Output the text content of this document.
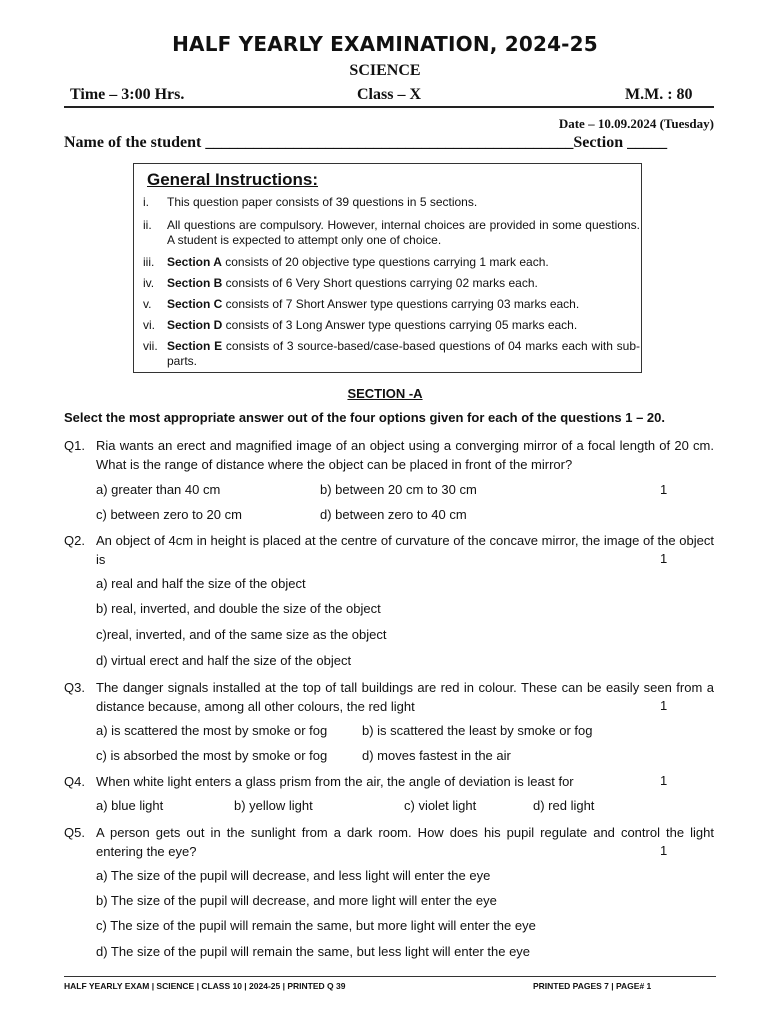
HALF YEARLY EXAMINATION, 2024-25
SCIENCE
Time – 3:00 Hrs.	Class – X	M.M. : 80
Date – 10.09.2024 (Tuesday)
Name of the student ______________________________________________Section _____
General Instructions:
i.	This question paper consists of 39 questions in 5 sections.
ii.	All questions are compulsory. However, internal choices are provided in some questions. A student is expected to attempt only one of choice.
iii.	Section A consists of 20 objective type questions carrying 1 mark each.
iv.	Section B consists of 6 Very Short questions carrying 02 marks each.
v.	Section C consists of 7 Short Answer type questions carrying 03 marks each.
vi.	Section D consists of 3 Long Answer type questions carrying 05 marks each.
vii. Section E consists of 3 source-based/case-based questions of 04 marks each with sub-parts.
SECTION -A
Select the most appropriate answer out of the four options given for each of the questions 1 – 20.
Q1. Ria wants an erect and magnified image of an object using a converging mirror of a focal length of 20 cm. What is the range of distance where the object can be placed in front of the mirror?
a) greater than 40 cm	b) between 20 cm to 30 cm	1
c) between zero to 20 cm	d) between zero to 40 cm
Q2. An object of 4cm in height is placed at the centre of curvature of the concave mirror, the image of the object is	1
a) real and half the size of the object
b) real, inverted, and double the size of the object
c)real, inverted, and of the same size as the object
d) virtual erect and half the size of the object
Q3. The danger signals installed at the top of tall buildings are red in colour. These can be easily seen from a distance because, among all other colours, the red light	1
a) is scattered the most by smoke or fog	b) is scattered the least by smoke or fog
c) is absorbed the most by smoke or fog	d) moves fastest in the air
Q4. When white light enters a glass prism from the air, the angle of deviation is least for	1
a) blue light	b) yellow light	c) violet light	d) red light
Q5. A person gets out in the sunlight from a dark room. How does his pupil regulate and control the light entering the eye?	1
a) The size of the pupil will decrease, and less light will enter the eye
b) The size of the pupil will decrease, and more light will enter the eye
c) The size of the pupil will remain the same, but more light will enter the eye
d) The size of the pupil will remain the same, but less light will enter the eye
HALF YEARLY EXAM | SCIENCE | CLASS 10 | 2024-25 | PRINTED Q 39	PRINTED PAGES 7 | PAGE# 1
